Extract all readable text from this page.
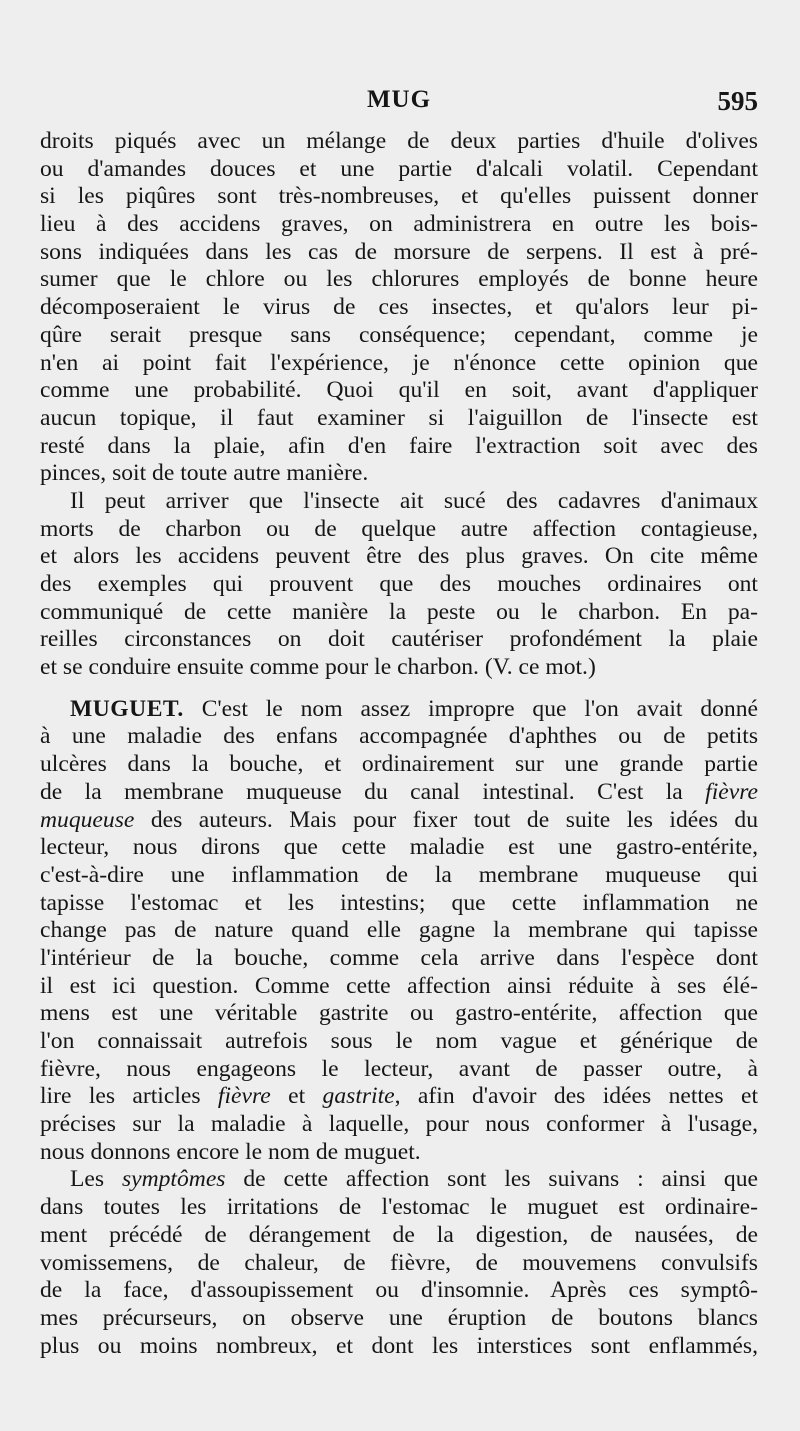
MUG	595
droits piqués avec un mélange de deux parties d'huile d'olives
ou d'amandes douces et une partie d'alcali volatil. Cependant
si les piqûres sont très-nombreuses, et qu'elles puissent donner
lieu à des accidens graves, on administrera en outre les bois-
sons indiquées dans les cas de morsure de serpens. Il est à pré-
sumer que le chlore ou les chlorures employés de bonne heure
décomposeraient le virus de ces insectes, et qu'alors leur pi-
qûre serait presque sans conséquence; cependant, comme je
n'en ai point fait l'expérience, je n'énonce cette opinion que
comme une probabilité. Quoi qu'il en soit, avant d'appliquer
aucun topique, il faut examiner si l'aiguillon de l'insecte est
resté dans la plaie, afin d'en faire l'extraction soit avec des
pinces, soit de toute autre manière.
Il peut arriver que l'insecte ait sucé des cadavres d'animaux
morts de charbon ou de quelque autre affection contagieuse,
et alors les accidens peuvent être des plus graves. On cite même
des exemples qui prouvent que des mouches ordinaires ont
communiqué de cette manière la peste ou le charbon. En pa-
reilles circonstances on doit cautériser profondément la plaie
et se conduire ensuite comme pour le charbon. (V. ce mot.)
MUGUET. C'est le nom assez impropre que l'on avait donné
à une maladie des enfans accompagnée d'aphthes ou de petits
ulcères dans la bouche, et ordinairement sur une grande partie
de la membrane muqueuse du canal intestinal. C'est la fièvre
muqueuse des auteurs. Mais pour fixer tout de suite les idées du
lecteur, nous dirons que cette maladie est une gastro-entérite,
c'est-à-dire une inflammation de la membrane muqueuse qui
tapisse l'estomac et les intestins; que cette inflammation ne
change pas de nature quand elle gagne la membrane qui tapisse
l'intérieur de la bouche, comme cela arrive dans l'espèce dont
il est ici question. Comme cette affection ainsi réduite à ses élé-
mens est une véritable gastrite ou gastro-entérite, affection que
l'on connaissait autrefois sous le nom vague et générique de
fièvre, nous engageons le lecteur, avant de passer outre, à
lire les articles fièvre et gastrite, afin d'avoir des idées nettes et
précises sur la maladie à laquelle, pour nous conformer à l'usage,
nous donnons encore le nom de muguet.
Les symptômes de cette affection sont les suivans : ainsi que
dans toutes les irritations de l'estomac le muguet est ordinaire-
ment précédé de dérangement de la digestion, de nausées, de
vomissemens, de chaleur, de fièvre, de mouvemens convulsifs
de la face, d'assoupissement ou d'insomnie. Après ces symptô-
mes précurseurs, on observe une éruption de boutons blancs
plus ou moins nombreux, et dont les interstices sont enflammés,
